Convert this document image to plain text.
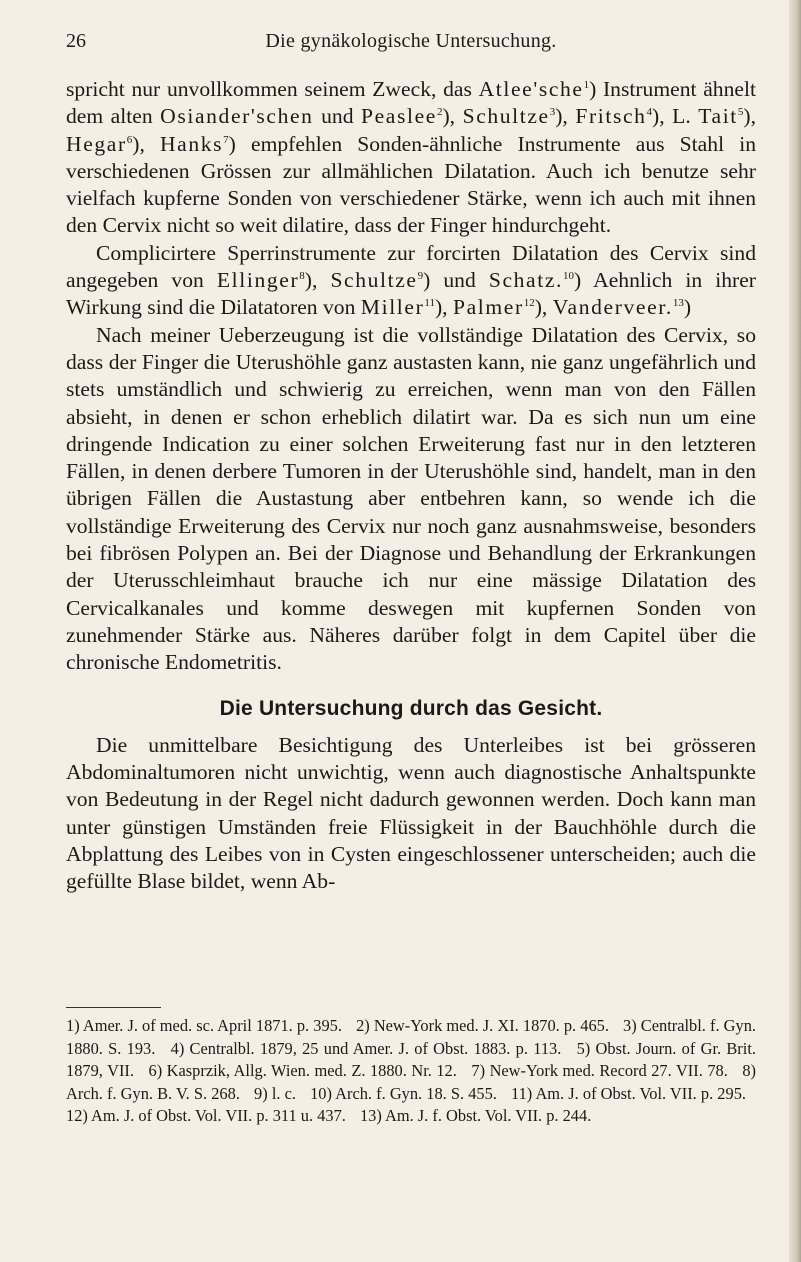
Die gynäkologische Untersuchung.
26

spricht nur unvollkommen seinem Zweck, das Atlee'sche$^1$) Instrument ähnelt dem alten Osiander'schen und Peaslee$^2$), Schultze$^3$), Fritsch$^4$), L. Tait$^5$), Hegar$^6$), Hanks$^7$) empfehlen Sonden-ähnliche Instrumente aus Stahl in verschiedenen Grössen zur allmählichen Dilatation. Auch ich benutze sehr vielfach kupferne Sonden von verschiedener Stärke, wenn ich auch mit ihnen den Cervix nicht so weit dilatire, dass der Finger hindurchgeht.

Complicirtere Sperrinstrumente zur forcirten Dilatation des Cervix sind angegeben von Ellinger$^8$), Schultze$^9$) und Schatz.$^{10}$) Aehnlich in ihrer Wirkung sind die Dilatatoren von Miller$^{11}$), Palmer$^{12}$), Vanderveer.$^{13}$)

Nach meiner Ueberzeugung ist die vollständige Dilatation des Cervix, so dass der Finger die Uterushöhle ganz austasten kann, nie ganz ungefährlich und stets umständlich und schwierig zu erreichen, wenn man von den Fällen absieht, in denen er schon erheblich dilatirt war. Da es sich nun um eine dringende Indication zu einer solchen Erweiterung fast nur in den letzteren Fällen, in denen derbere Tumoren in der Uterushöhle sind, handelt, man in den übrigen Fällen die Austastung aber entbehren kann, so wende ich die vollständige Erweiterung des Cervix nur noch ganz ausnahmsweise, besonders bei fibrösen Polypen an. Bei der Diagnose und Behandlung der Erkrankungen der Uterusschleimhaut brauche ich nur eine mässige Dilatation des Cervicalkanales und komme deswegen mit kupfernen Sonden von zunehmender Stärke aus. Näheres darüber folgt in dem Capitel über die chronische Endometritis.

Die Untersuchung durch das Gesicht.

Die unmittelbare Besichtigung des Unterleibes ist bei grösseren Abdominaltumoren nicht unwichtig, wenn auch diagnostische Anhaltspunkte von Bedeutung in der Regel nicht dadurch gewonnen werden. Doch kann man unter günstigen Umständen freie Flüssigkeit in der Bauchhöhle durch die Abplattung des Leibes von in Cysten eingeschlossener unterscheiden; auch die gefüllte Blase bildet, wenn Ab-

1) Amer. J. of med. sc. April 1871. p. 395. 2) New-York med. J. XI. 1870. p. 465. 3) Centralbl. f. Gyn. 1880. S. 193. 4) Centralbl. 1879, 25 und Amer. J. of Obst. 1883. p. 113. 5) Obst. Journ. of Gr. Brit. 1879, VII. 6) Kasprzik, Allg. Wien. med. Z. 1880. Nr. 12. 7) New-York med. Record 27. VII. 78. 8) Arch. f. Gyn. B. V. S. 268. 9) l. c. 10) Arch. f. Gyn. 18. S. 455. 11) Am. J. of Obst. Vol. VII. p. 295. 12) Am. J. of Obst. Vol. VII. p. 311 u. 437. 13) Am. J. f. Obst. Vol. VII. p. 244.
